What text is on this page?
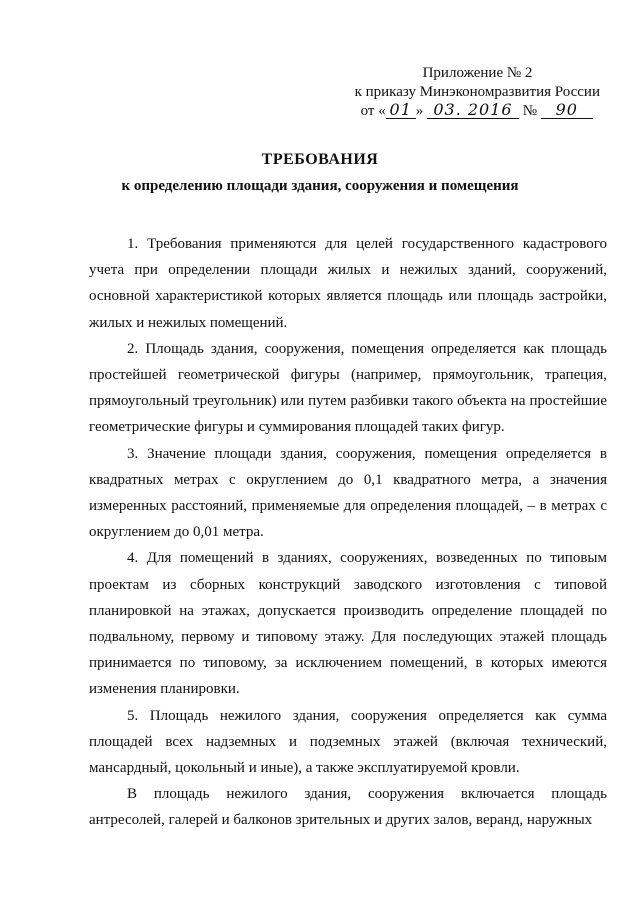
Приложение № 2
к приказу Минэкономразвития России
от « 01 » 03. 2016 № 90
ТРЕБОВАНИЯ
к определению площади здания, сооружения и помещения

1. Требования применяются для целей государственного кадастрового учета при определении площади жилых и нежилых зданий, сооружений, основной характеристикой которых является площадь или площадь застройки, жилых и нежилых помещений.

2. Площадь здания, сооружения, помещения определяется как площадь простейшей геометрической фигуры (например, прямоугольник, трапеция, прямоугольный треугольник) или путем разбивки такого объекта на простейшие геометрические фигуры и суммирования площадей таких фигур.

3. Значение площади здания, сооружения, помещения определяется в квадратных метрах с округлением до 0,1 квадратного метра, а значения измеренных расстояний, применяемые для определения площадей, – в метрах с округлением до 0,01 метра.

4. Для помещений в зданиях, сооружениях, возведенных по типовым проектам из сборных конструкций заводского изготовления с типовой планировкой на этажах, допускается производить определение площадей по подвальному, первому и типовому этажу. Для последующих этажей площадь принимается по типовому, за исключением помещений, в которых имеются изменения планировки.

5. Площадь нежилого здания, сооружения определяется как сумма площадей всех надземных и подземных этажей (включая технический, мансардный, цокольный и иные), а также эксплуатируемой кровли.

В площадь нежилого здания, сооружения включается площадь антресолей, галерей и балконов зрительных и других залов, веранд, наружных
